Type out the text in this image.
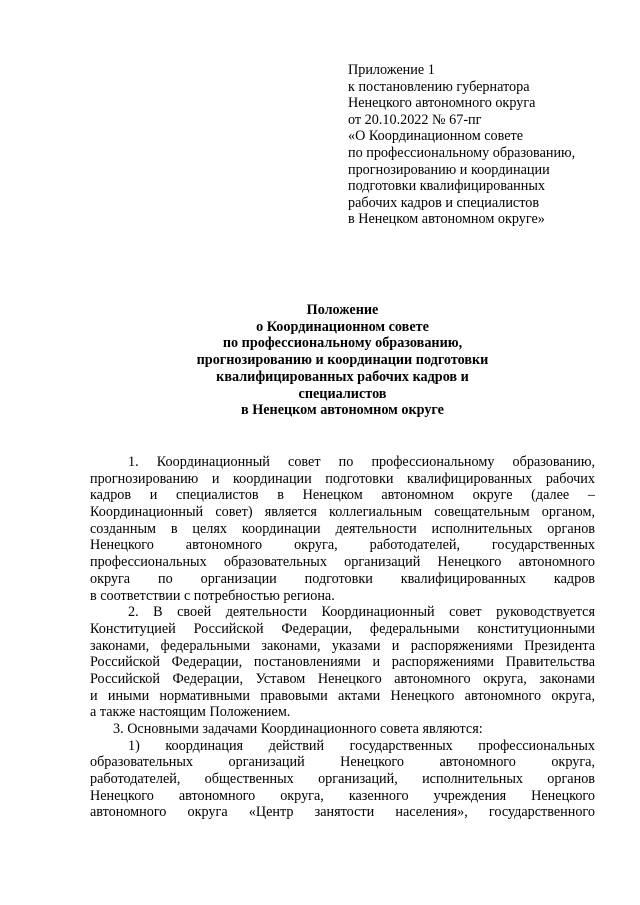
Приложение 1
к постановлению губернатора
Ненецкого автономного округа
от 20.10.2022 № 67-пг
«О Координационном совете
по профессиональному образованию,
прогнозированию и координации
подготовки квалифицированных
рабочих кадров и специалистов
в Ненецком автономном округе»
Положение
о Координационном совете
по профессиональному образованию,
прогнозированию и координации подготовки
квалифицированных рабочих кадров и
специалистов
в Ненецком автономном округе
1. Координационный совет по профессиональному образованию,
прогнозированию и координации подготовки квалифицированных рабочих
кадров и специалистов в Ненецком автономном округе (далее –
Координационный совет) является коллегиальным совещательным органом,
созданным в целях координации деятельности исполнительных органов
Ненецкого автономного округа, работодателей, государственных
профессиональных образовательных организаций Ненецкого автономного
округа по организации подготовки квалифицированных кадров
в соответствии с потребностью региона.
2. В своей деятельности Координационный совет руководствуется
Конституцией Российской Федерации, федеральными конституционными
законами, федеральными законами, указами и распоряжениями Президента
Российской Федерации, постановлениями и распоряжениями Правительства
Российской Федерации, Уставом Ненецкого автономного округа, законами
и иными нормативными правовыми актами Ненецкого автономного округа,
а также настоящим Положением.
3. Основными задачами Координационного совета являются:
1) координация действий государственных профессиональных
образовательных организаций Ненецкого автономного округа,
работодателей, общественных организаций, исполнительных органов
Ненецкого автономного округа, казенного учреждения Ненецкого
автономного округа «Центр занятости населения», государственного
